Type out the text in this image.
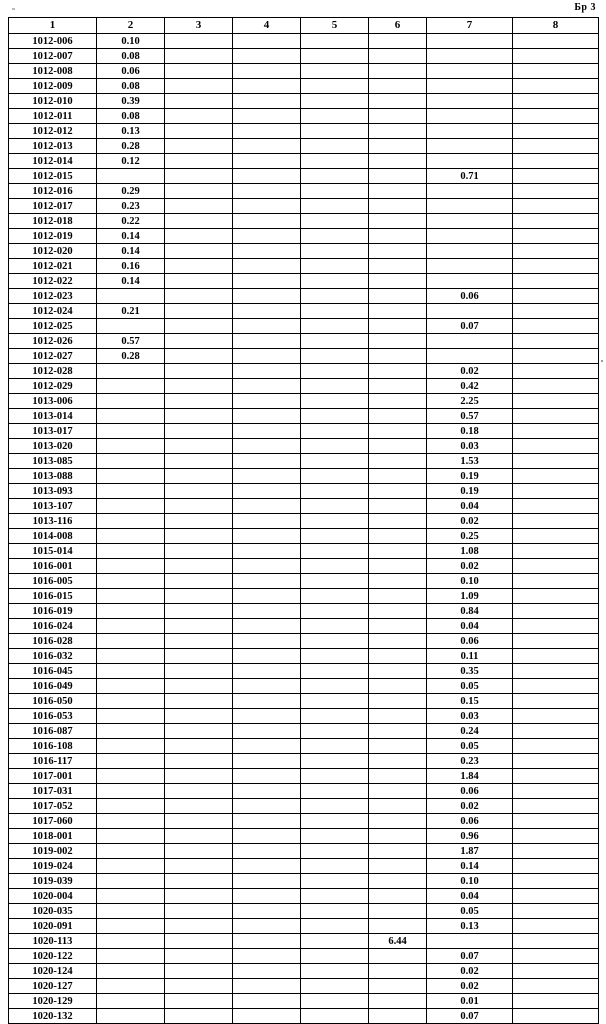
Бр 3
1	2	3	4	5	6	7	8
1012-006	0.10						
1012-007	0.08						
1012-008	0.06						
1012-009	0.08						
1012-010	0.39						
1012-011	0.08						
1012-012	0.13						
1012-013	0.28						
1012-014	0.12						
1012-015						0.71	
1012-016	0.29						
1012-017	0.23						
1012-018	0.22						
1012-019	0.14						
1012-020	0.14						
1012-021	0.16						
1012-022	0.14						
1012-023						0.06	
1012-024	0.21						
1012-025						0.07	
1012-026	0.57						
1012-027	0.28						
1012-028						0.02	
1012-029						0.42	
1013-006						2.25	
1013-014						0.57	
1013-017						0.18	
1013-020						0.03	
1013-085						1.53	
1013-088						0.19	
1013-093						0.19	
1013-107						0.04	
1013-116						0.02	
1014-008						0.25	
1015-014						1.08	
1016-001						0.02	
1016-005						0.10	
1016-015						1.09	
1016-019						0.84	
1016-024						0.04	
1016-028						0.06	
1016-032						0.11	
1016-045						0.35	
1016-049						0.05	
1016-050						0.15	
1016-053						0.03	
1016-087						0.24	
1016-108						0.05	
1016-117						0.23	
1017-001						1.84	
1017-031						0.06	
1017-052						0.02	
1017-060						0.06	
1018-001						0.96	
1019-002						1.87	
1019-024						0.14	
1019-039						0.10	
1020-004						0.04	
1020-035						0.05	
1020-091						0.13	
1020-113					6.44		
1020-122						0.07	
1020-124						0.02	
1020-127						0.02	
1020-129						0.01	
1020-132						0.07	
